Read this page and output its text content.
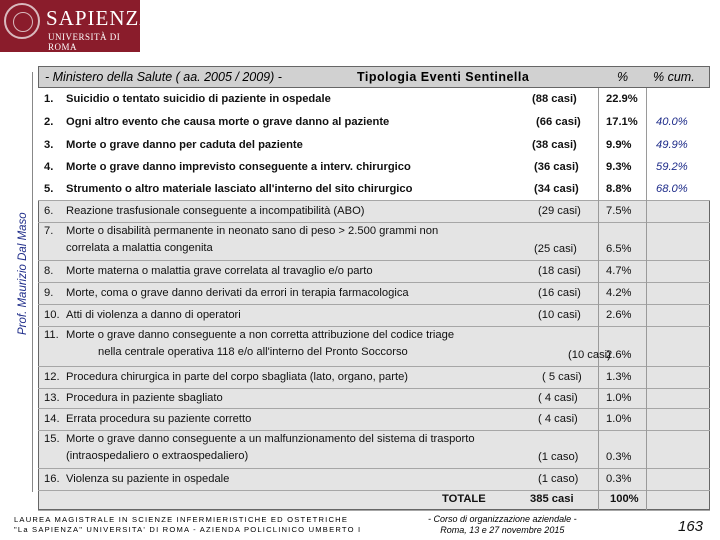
SAPIENZA
UNIVERSITÀ DI ROMA
Prof. Maurizio Dal Maso
- Ministero della Salute ( aa. 2005 / 2009) -	Tipologia Eventi Sentinella	% % cum.
1. Suicidio o tentato suicidio di paziente in ospedale	(88 casi)	22.9%
2. Ogni altro evento che causa morte o grave danno al paziente	(66 casi) 17.1% 40.0%
3. Morte o grave danno per caduta del paziente	(38 casi)	9.9% 49.9%
4. Morte o grave danno imprevisto conseguente a interv. chirurgico	(36 casi) 9.3% 59.2%
5. Strumento o altro materiale lasciato all'interno del sito chirurgico	(34 casi) 8.8% 68.0%
6. Reazione trasfusionale conseguente a incompatibilità (ABO)	(29 casi) 7.5%
7. Morte o disabilità permanente in neonato sano di peso > 2.500 grammi non
correlata a malattia congenita	(25 casi)	6.5%
8. Morte materna o malattia grave correlata al travaglio e/o parto	(18 casi) 4.7%
9. Morte, coma o grave danno derivati da errori in terapia farmacologica	(16 casi) 4.2%
10. Atti di violenza a danno di operatori	(10 casi) 2.6%
11. Morte o grave danno conseguente a non corretta attribuzione del codice triage
nella centrale operativa 118 e/o all'interno del Pronto Soccorso	(10 casi)
2.6%
12. Procedura chirurgica in parte del corpo sbagliata (lato, organo, parte)	( 5 casi) 1.3%
13. Procedura in paziente sbagliato	( 4 casi)	1.0%
14. Errata procedura su paziente corretto	( 4 casi)	1.0%
15. Morte o grave danno conseguente a un malfunzionamento del sistema di trasporto
(intraospedaliero o extraospedaliero)	(1 caso) 0.3%
16. Violenza su paziente in ospedale	(1 caso) 0.3%
TOTALE	385 casi	100%
LAUREA MAGISTRALE IN SCIENZE INFERMIERISTICHE ED OSTETRICHE
"La SAPIENZA" UNIVERSITA' DI ROMA - AZIENDA POLICLINICO UMBERTO I
- Corso di organizzazione aziendale -
Roma, 13 e 27 novembre 2015	163
